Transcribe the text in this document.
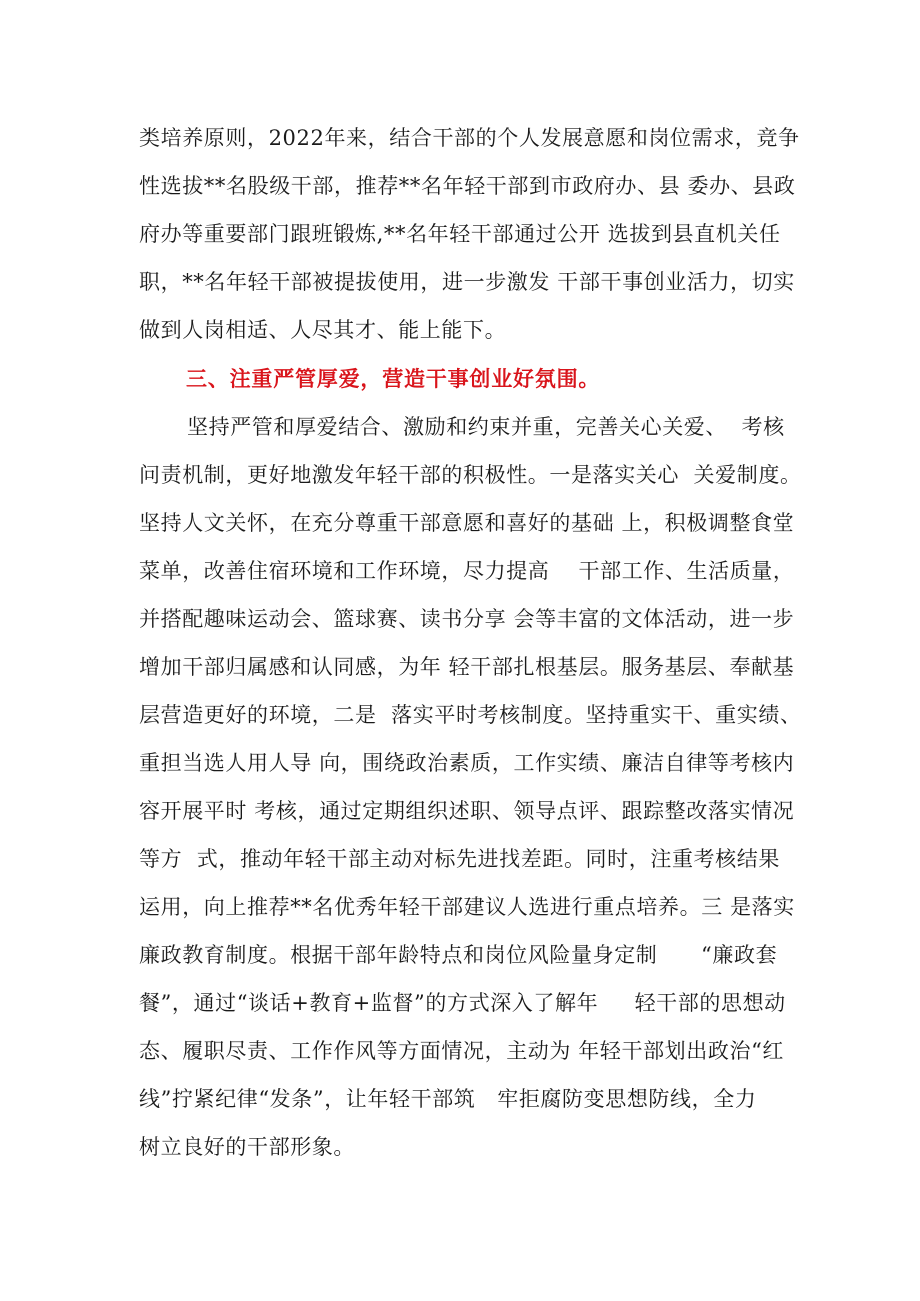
类培养原则，2022年来，结合干部的个人发展意愿和岗位需求，竞争
性选拔**名股级干部，推荐**名年轻干部到市政府办、县 委办、县政
府办等重要部门跟班锻炼,**名年轻干部通过公开 选拔到县直机关任
职，**名年轻干部被提拔使用，进一步激发 干部干事创业活力，切实
做到人岗相适、人尽其才、能上能下。
三、注重严管厚爱，营造干事创业好氛围。
坚持严管和厚爱结合、激励和约束并重，完善关心关爱、  考核
问责机制，更好地激发年轻干部的积极性。一是落实关心  关爱制度。
坚持人文关怀，在充分尊重干部意愿和喜好的基础 上，积极调整食堂
菜单，改善住宿环境和工作环境，尽力提高    干部工作、生活质量，
并搭配趣味运动会、篮球赛、读书分享 会等丰富的文体活动，进一步
增加干部归属感和认同感，为年 轻干部扎根基层。服务基层、奉献基
层营造更好的环境，二是  落实平时考核制度。坚持重实干、重实绩、
重担当选人用人导 向，围绕政治素质，工作实绩、廉洁自律等考核内
容开展平时 考核，通过定期组织述职、领导点评、跟踪整改落实情况
等方  式，推动年轻干部主动对标先进找差距。同时，注重考核结果
运用，向上推荐**名优秀年轻干部建议人选进行重点培养。三 是落实
廉政教育制度。根据干部年龄特点和岗位风险量身定制      “廉政套
餐”，通过“谈话+教育+监督”的方式深入了解年     轻干部的思想动
态、履职尽责、工作作风等方面情况，主动为 年轻干部划出政治“红
线”拧紧纪律“发条”，让年轻干部筑   牢拒腐防变思想防线，全力
树立良好的干部形象。
